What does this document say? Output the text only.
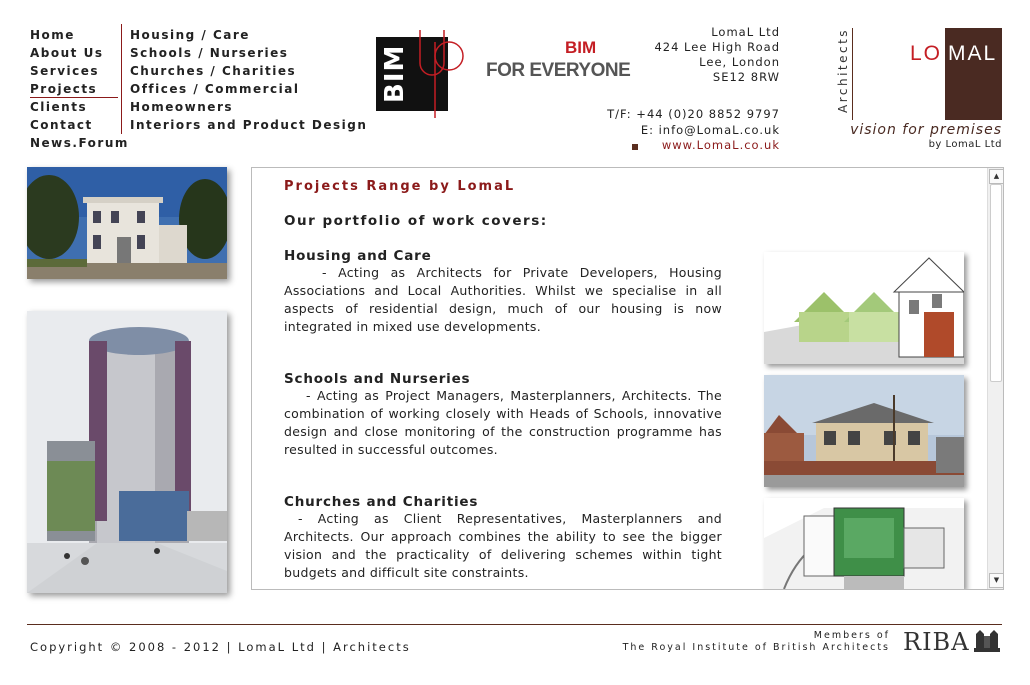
Home
About Us
Services
Projects
Clients
Contact
News.Forum
Housing / Care
Schools / Nurseries
Churches / Charities
Offices / Commercial
Homeowners
Interiors and Product Design
BIM	BIM
FOR EVERYONE
LomaL Ltd
424 Lee High Road
Lee, London
SE12 8RW
T/F: +44 (0)20 8852 9797
E: info@LomaL.co.uk
www.LomaL.co.uk
Architects	LO MAL
vision for premises
by LomaL Ltd
Projects Range by LomaL
Our portfolio of work covers:
Housing and Care

- Acting as Architects for Private Developers, Housing Associations and Local Authorities. Whilst we specialise in all aspects of residential design, much of our housing is now integrated in mixed use developments.

Schools and Nurseries

- Acting as Project Managers, Masterplanners, Architects. The combination of working closely with Heads of Schools, innovative design and close monitoring of the construction programme has resulted in successful outcomes.

Churches and Charities

- Acting as Client Representatives, Masterplanners and Architects. Our approach combines the ability to see the bigger vision and the practicality of delivering schemes within tight budgets and difficult site constraints.

▲
▼
Copyright © 2008 - 2012 | LomaL Ltd | Architects
Members of
The Royal Institute of British Architects RIBA
